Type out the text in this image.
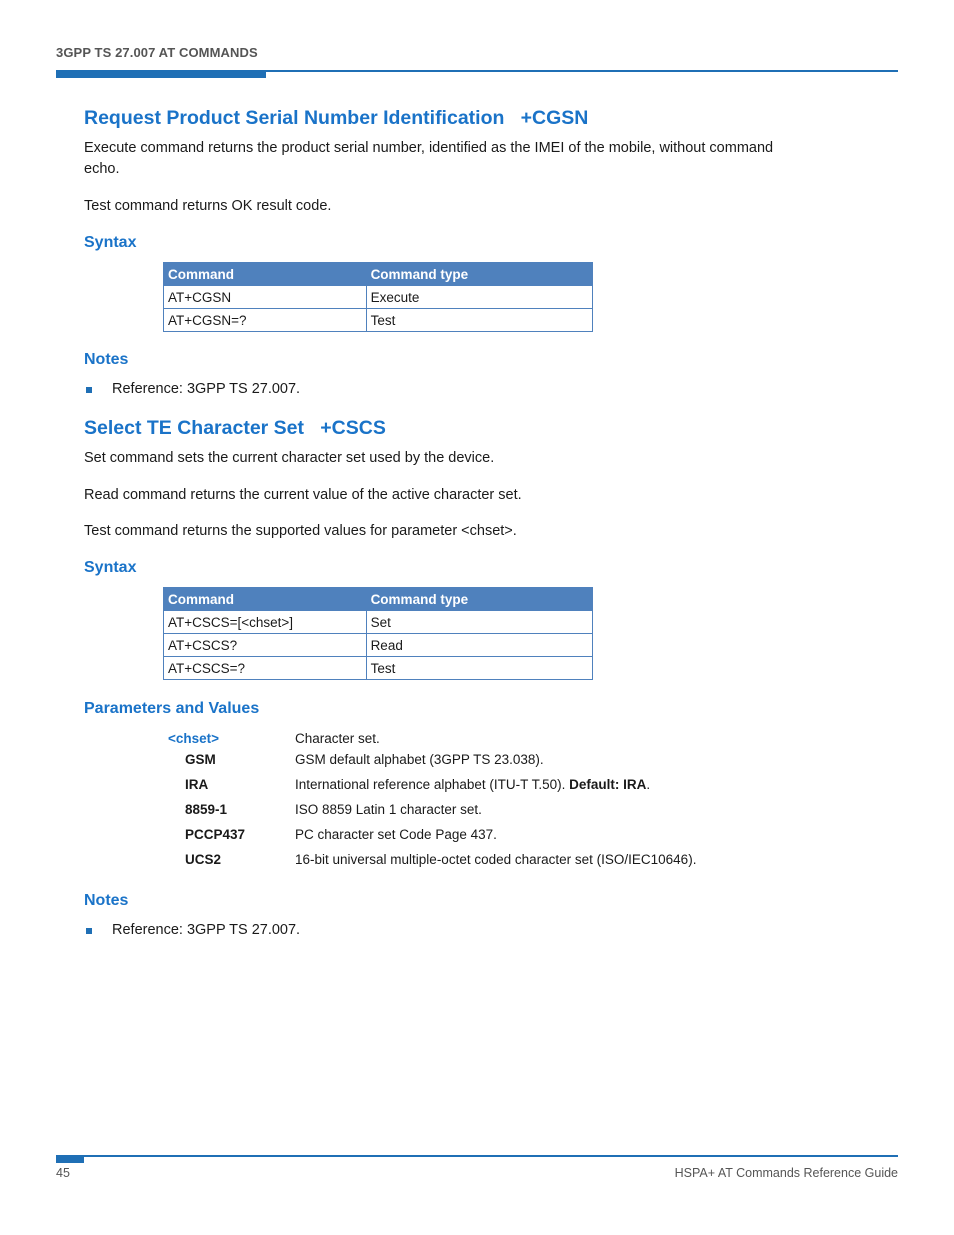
3GPP TS 27.007 AT COMMANDS
Request Product Serial Number Identification   +CGSN
Execute command returns the product serial number, identified as the IMEI of the mobile, without command
echo.
Test command returns OK result code.
Syntax
Command	Command type
AT+CGSN	Execute
AT+CGSN=?	Test
Notes
Reference: 3GPP TS 27.007.
Select TE Character Set   +CSCS
Set command sets the current character set used by the device.
Read command returns the current value of the active character set.
Test command returns the supported values for parameter <chset>.
Syntax
Command	Command type
AT+CSCS=[<chset>]	Set
AT+CSCS?	Read
AT+CSCS=?	Test
Parameters and Values
<chset>	Character set.
GSM	GSM default alphabet (3GPP TS 23.038).
IRA	International reference alphabet (ITU-T T.50). Default: IRA.
8859-1	ISO 8859 Latin 1 character set.
PCCP437	PC character set Code Page 437.
UCS2	16-bit universal multiple-octet coded character set (ISO/IEC10646).
Notes
Reference: 3GPP TS 27.007.
45	HSPA+ AT Commands Reference Guide
